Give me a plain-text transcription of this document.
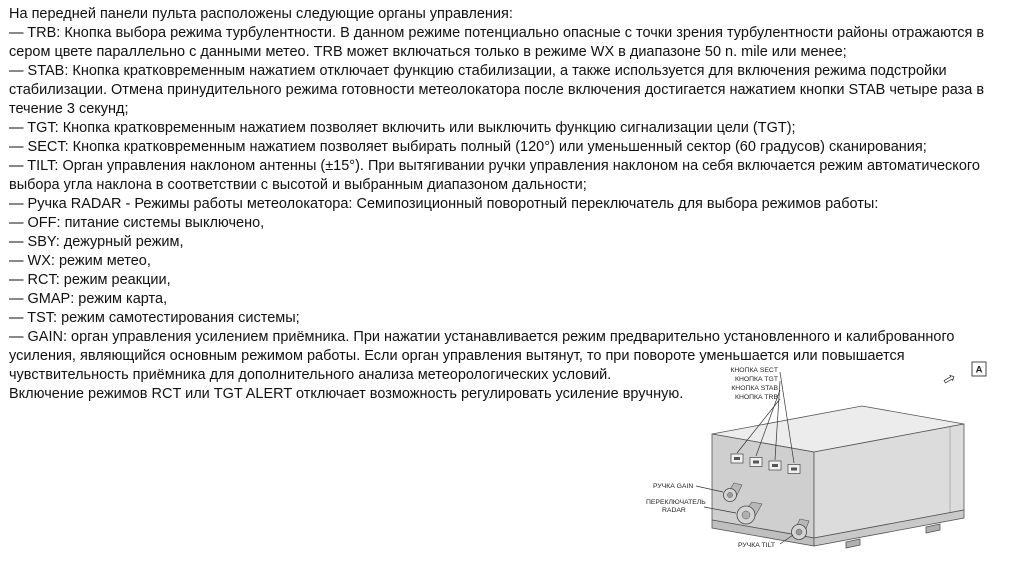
На передней панели пульта расположены следующие органы управления:

— TRB: Кнопка выбора режима турбулентности. В данном режиме потенциально опасные с точки зрения турбулентности районы отражаются в сером цвете параллельно с данными метео. TRB может включаться только в режиме WX в диапазоне 50 n. mile или менее;

— STAB: Кнопка кратковременным нажатием отключает функцию стабилизации, а также используется для включения режима подстройки стабилизации. Отмена принудительного режима готовности метеолокатора после включения достигается нажатием кнопки STAB четыре раза в течение 3 секунд;

— TGT: Кнопка кратковременным нажатием позволяет включить или выключить функцию сигнализации цели (TGT);

— SECT: Кнопка кратковременным нажатием позволяет выбирать полный (120°) или уменьшенный сектор (60 градусов) сканирования;

— TILT: Орган управления наклоном антенны (±15°). При вытягивании ручки управления наклоном на себя включается режим автоматического выбора угла наклона в соответствии с высотой и выбранным диапазоном дальности;

— Ручка RADAR - Режимы работы метеолокатора: Семипозиционный поворотный переключатель для выбора режимов работы:

— OFF: питание системы выключено,

— SBY: дежурный режим,

— WX: режим метео,

— RCT: режим реакции,

— GMAP: режим карта,

— TST: режим самотестирования системы;

— GAIN: орган управления усилением приёмника. При нажатии устанавливается режим предварительно установленного и калиброванного усиления, являющийся основным режимом работы. Если орган управления вытянут, то при повороте уменьшается или повышается чувствительность приёмника для дополнительного анализа метеорологических условий.

Включение режимов RCT или TGT ALERT отключает возможность регулировать усиление вручную.

КНОПКА SECT
КНОПКА TGT
КНОПКА STAB
КНОПКА TRB
РУЧКА GAIN
ПЕРЕКЛЮЧАТЕЛЬ
RADAR
РУЧКА TILT
⇨ A
